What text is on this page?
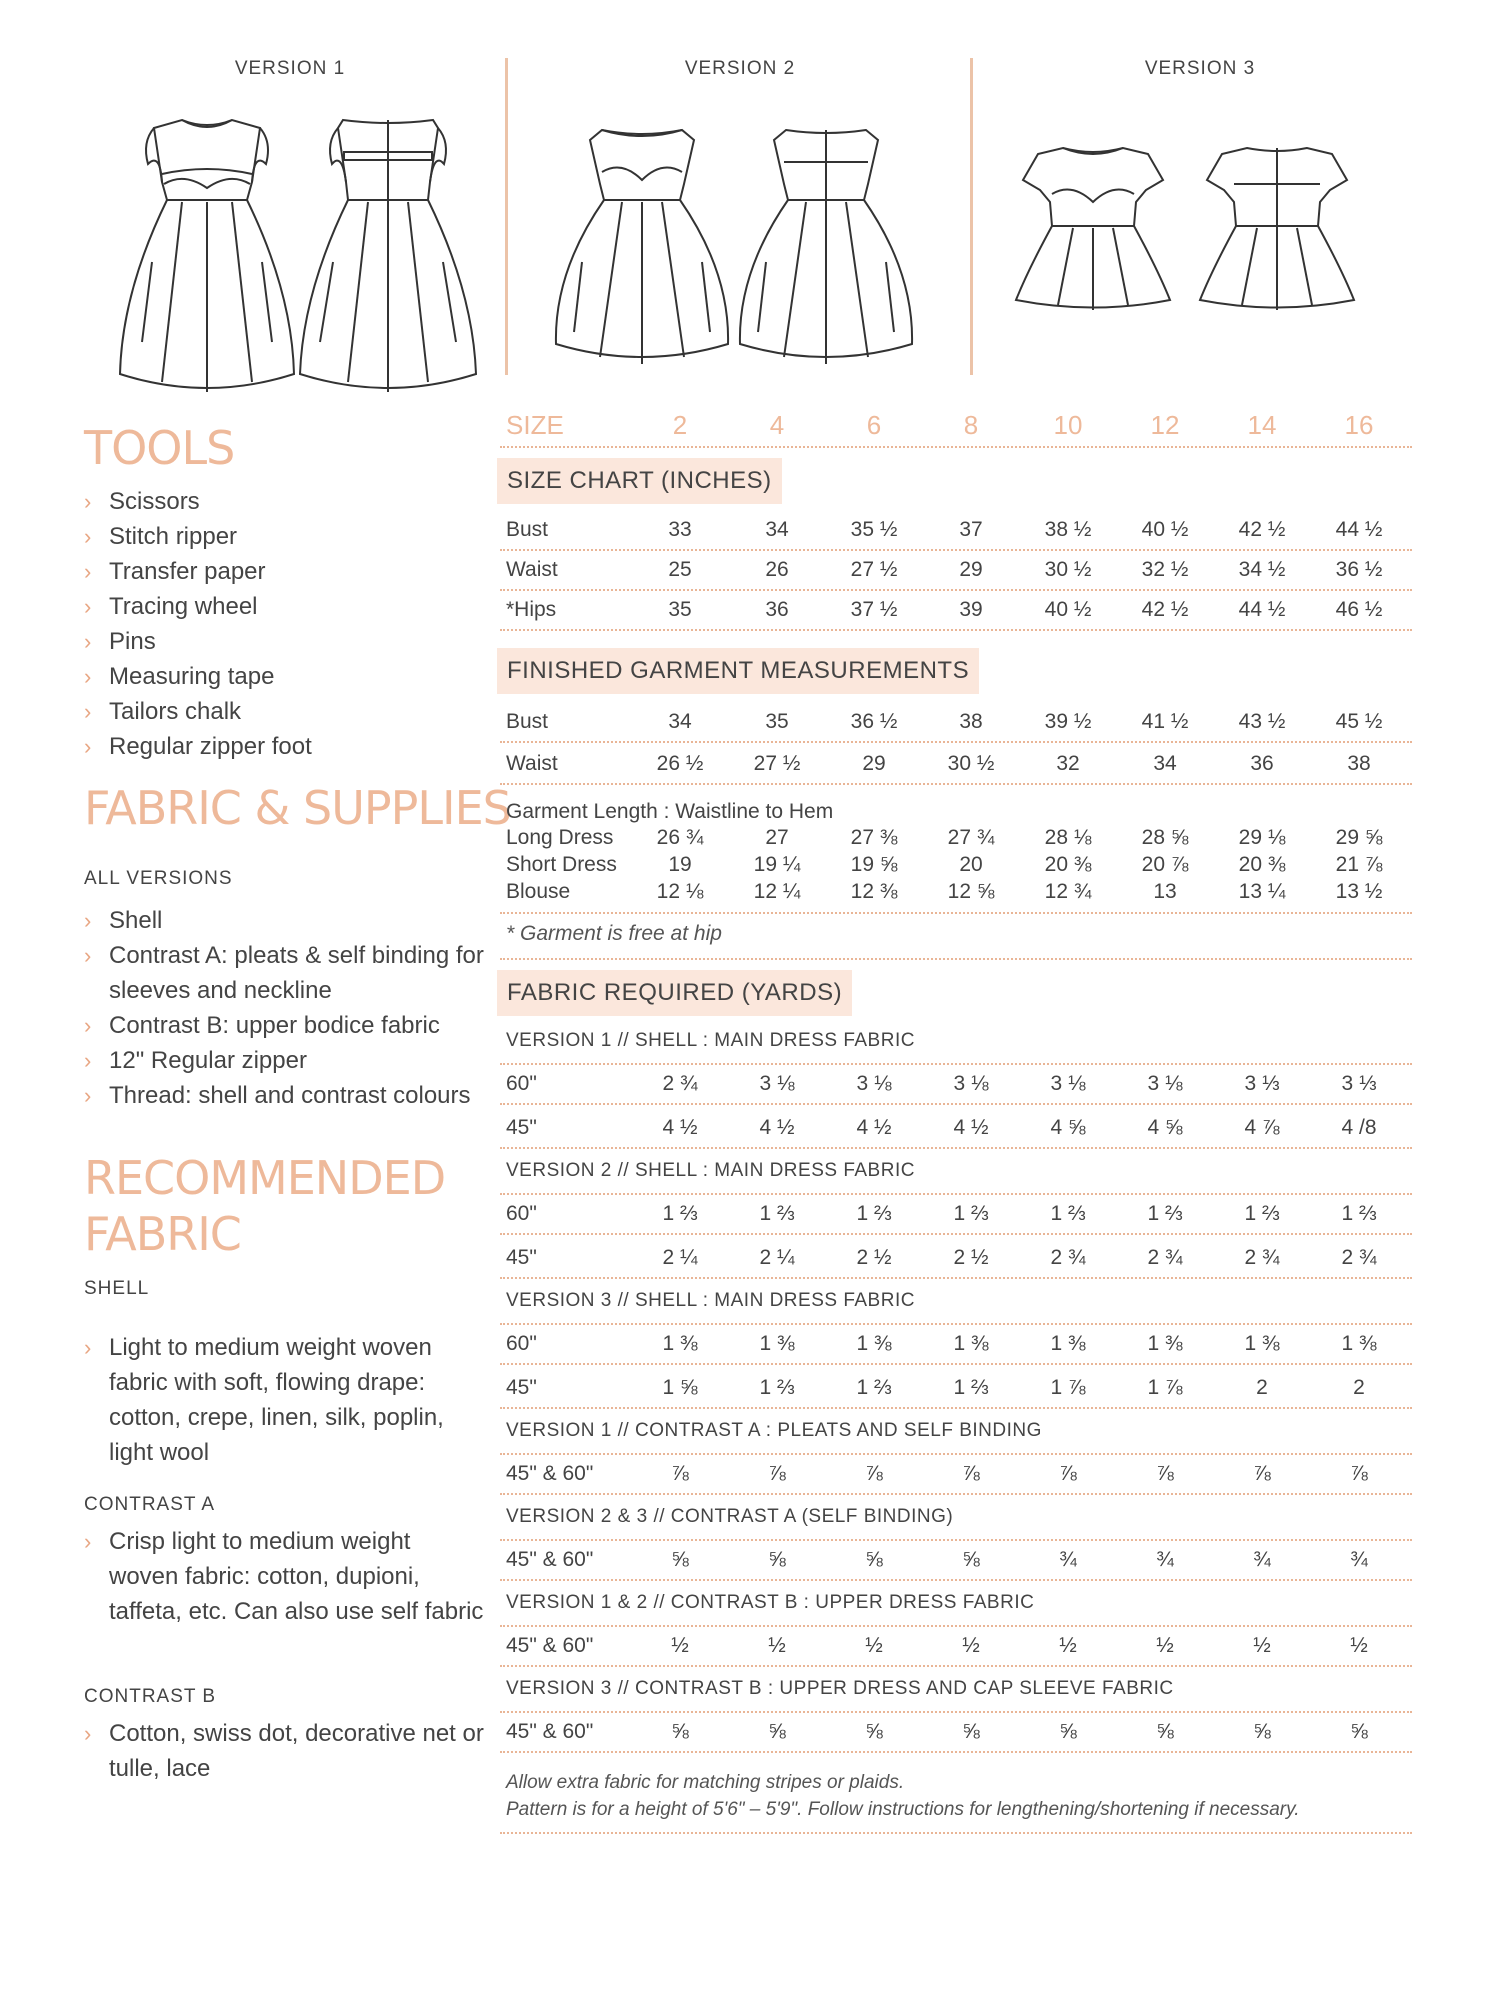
VERSION 1	VERSION 2	VERSION 3
TOOLS
› Scissors
› Stitch ripper
› Transfer paper
› Tracing wheel
› Pins
› Measuring tape
› Tailors chalk
› Regular zipper foot
FABRIC & SUPPLIES
ALL VERSIONS
› Shell
› Contrast A: pleats & self binding for sleeves and neckline
› Contrast B: upper bodice fabric
› 12" Regular zipper
› Thread: shell and contrast colours
RECOMMENDED
FABRIC
SHELL
› Light to medium weight woven fabric with soft, flowing drape: cotton, crepe, linen, silk, poplin, light wool
CONTRAST A
› Crisp light to medium weight woven fabric: cotton, dupioni, taffeta, etc. Can also use self fabric
CONTRAST B
› Cotton, swiss dot, decorative net or tulle, lace
SIZE	2	4	6	8	10	12	14	16
SIZE CHART (INCHES)
Bust	33	34	35 ½	37	38 ½	40 ½	42 ½	44 ½
Waist	25	26	27 ½	29	30 ½	32 ½	34 ½	36 ½
*Hips	35	36	37 ½	39	40 ½	42 ½	44 ½	46 ½
FINISHED GARMENT MEASUREMENTS
Bust	34	35	36 ½	38	39 ½	41 ½	43 ½	45 ½
Waist	26 ½	27 ½	29	30 ½	32	34	36	38
Garment Length : Waistline to Hem
Long Dress	26 ¾	27	27 ⅜	27 ¾	28 ⅛	28 ⅝	29 ⅛	29 ⅝
Short Dress	19	19 ¼	19 ⅝	20	20 ⅜	20 ⅞	20 ⅜	21 ⅞
Blouse	12 ⅛	12 ¼	12 ⅜	12 ⅝	12 ¾	13	13 ¼	13 ½
* Garment is free at hip
FABRIC REQUIRED (YARDS)
VERSION 1 // SHELL : MAIN DRESS FABRIC
60"	2 ¾	3 ⅛	3 ⅛	3 ⅛	3 ⅛	3 ⅛	3 ⅓	3 ⅓
45"	4 ½	4 ½	4 ½	4 ½	4 ⅝	4 ⅝	4 ⅞	4 /8
VERSION 2 // SHELL : MAIN DRESS FABRIC
60"	1 ⅔	1 ⅔	1 ⅔	1 ⅔	1 ⅔	1 ⅔	1 ⅔	1 ⅔
45"	2 ¼	2 ¼	2 ½	2 ½	2 ¾	2 ¾	2 ¾	2 ¾
VERSION 3 // SHELL : MAIN DRESS FABRIC
60"	1 ⅜	1 ⅜	1 ⅜	1 ⅜	1 ⅜	1 ⅜	1 ⅜	1 ⅜
45"	1 ⅝	1 ⅔	1 ⅔	1 ⅔	1 ⅞	1 ⅞	2	2
VERSION 1 // CONTRAST A : PLEATS AND SELF BINDING
45" & 60"	⅞	⅞	⅞	⅞	⅞	⅞	⅞	⅞
VERSION 2 & 3 // CONTRAST A (SELF BINDING)
45" & 60"	⅝	⅝	⅝	⅝	¾	¾	¾	¾
VERSION 1 & 2 // CONTRAST B : UPPER DRESS FABRIC
45" & 60"	½	½	½	½	½	½	½	½
VERSION 3 // CONTRAST B : UPPER DRESS AND CAP SLEEVE FABRIC
45" & 60"	⅝	⅝	⅝	⅝	⅝	⅝	⅝	⅝
Allow extra fabric for matching stripes or plaids.
Pattern is for a height of 5'6" – 5'9". Follow instructions for lengthening/shortening if necessary.
